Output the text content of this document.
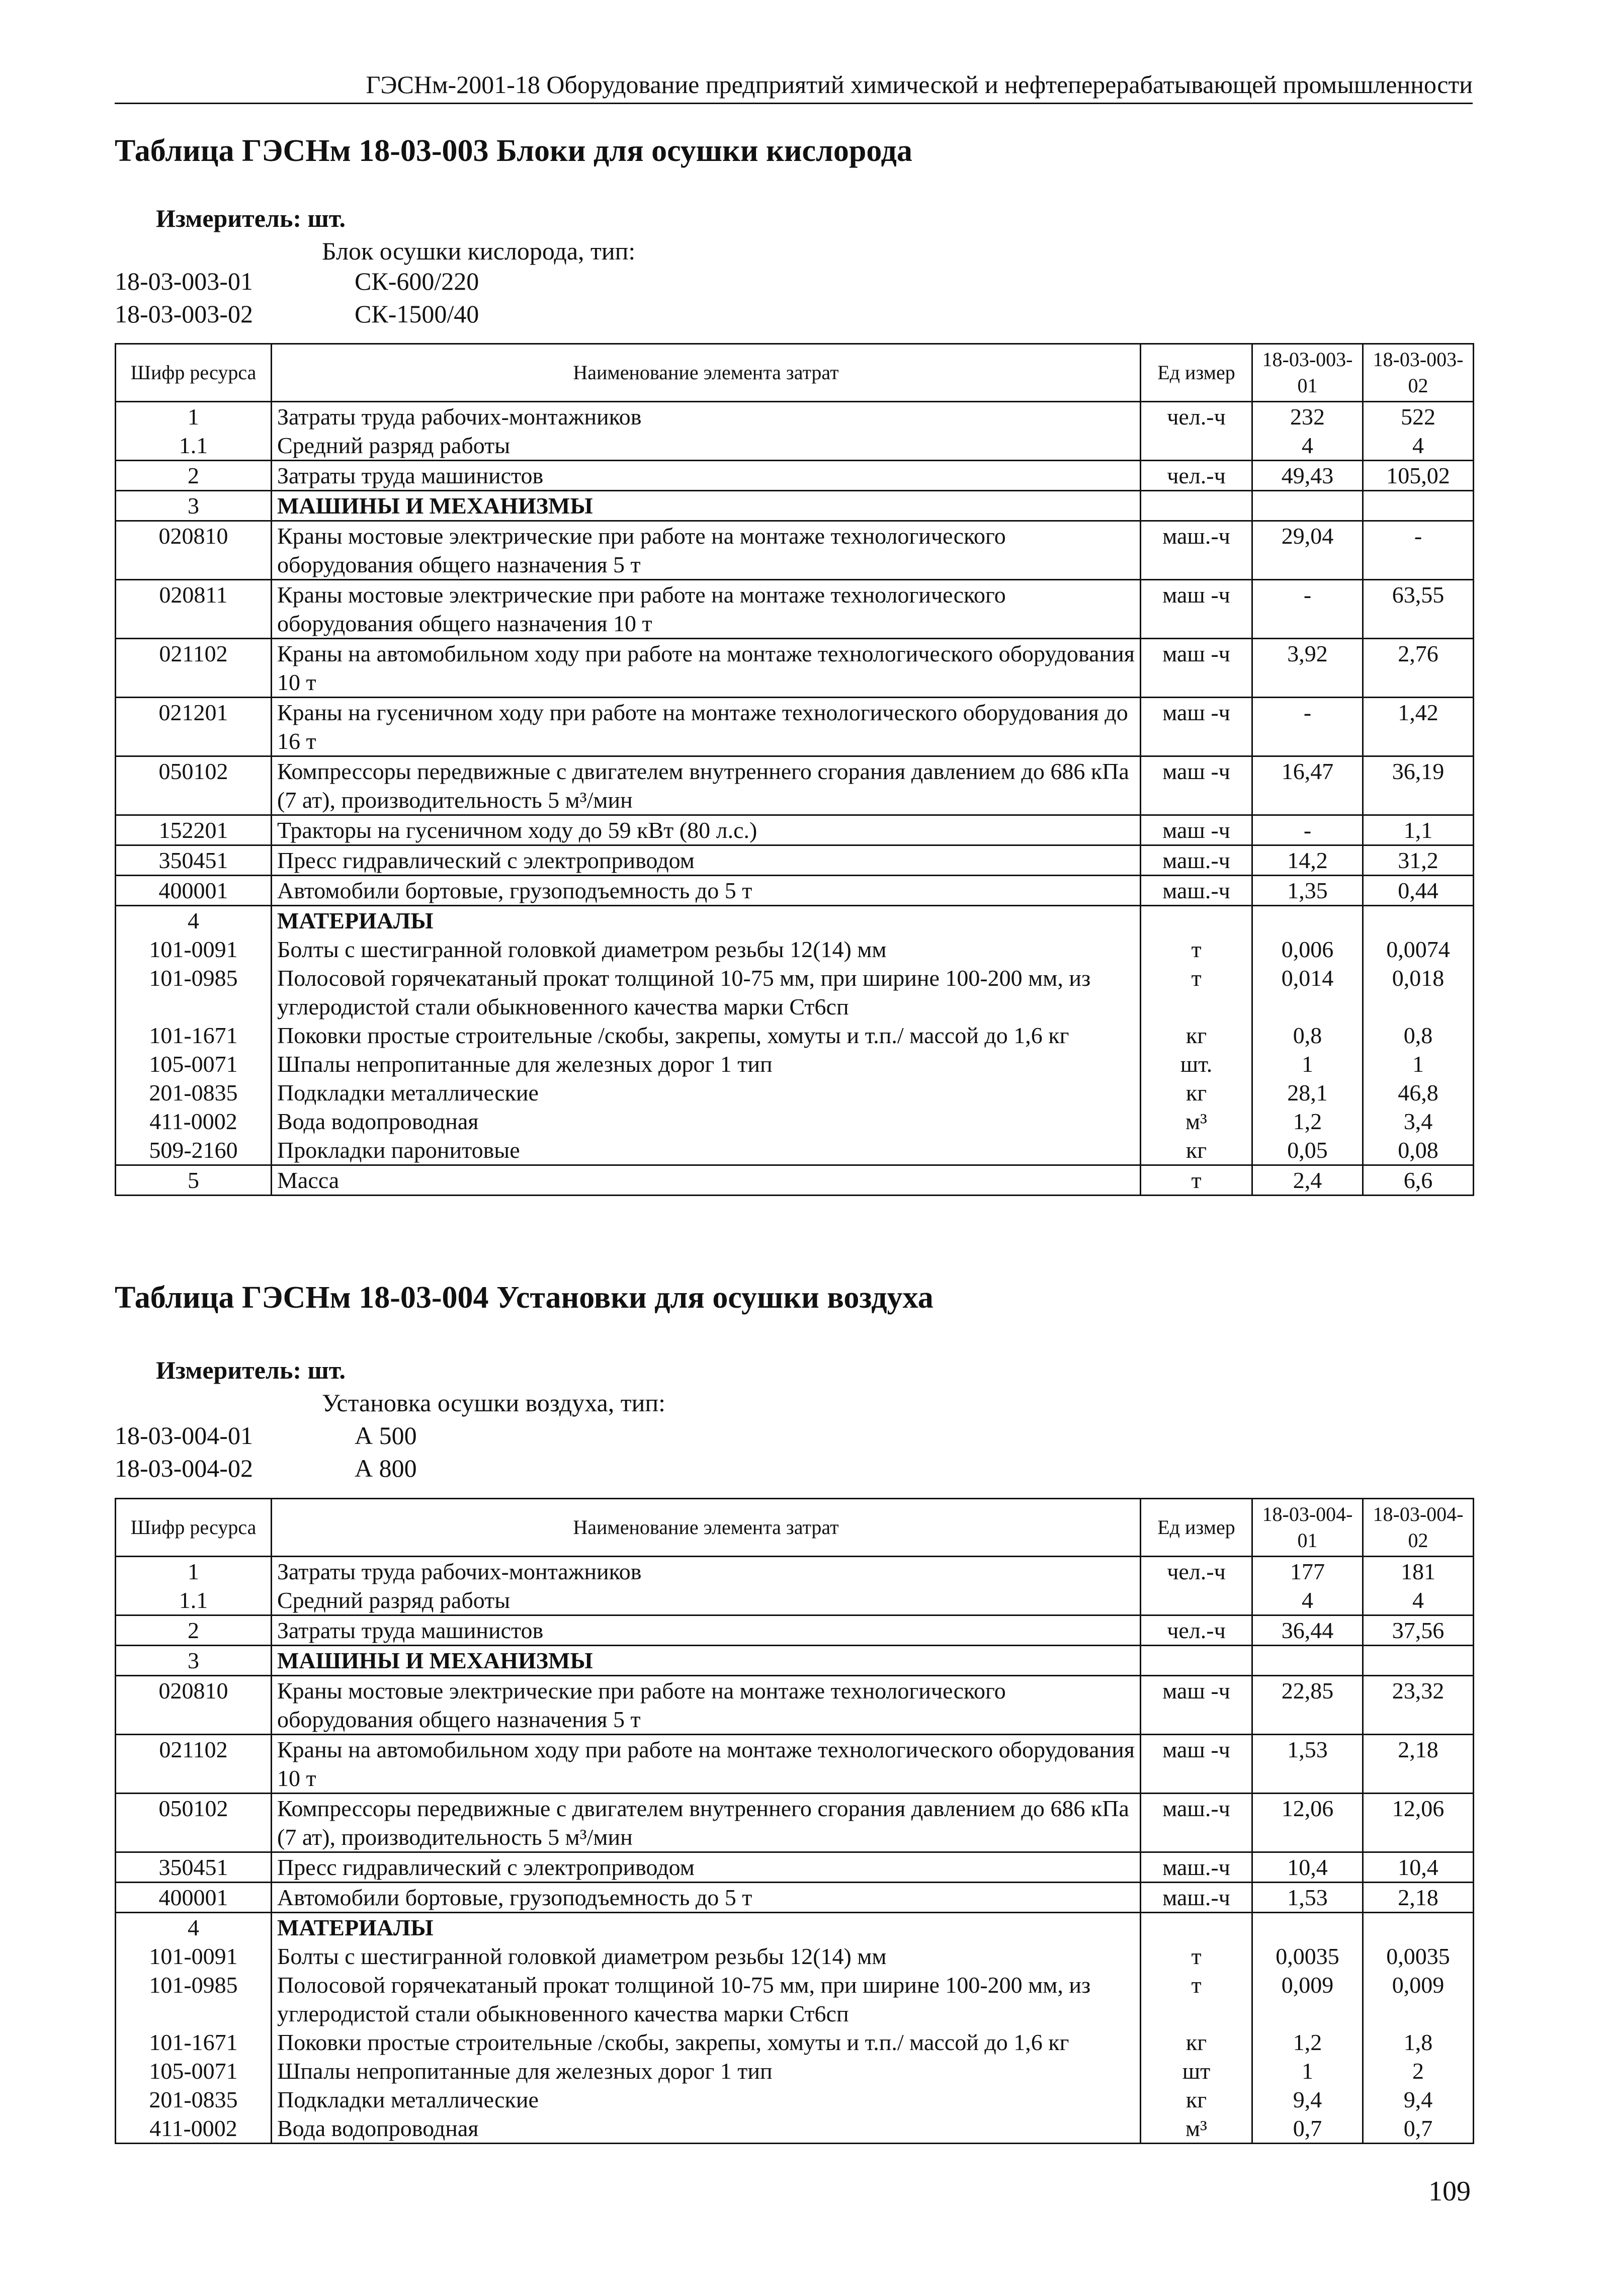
ГЭСНм-2001-18 Оборудование предприятий химической и нефтеперерабатывающей промышленности
Таблица ГЭСНм 18-03-003 Блоки для осушки кислорода
Измеритель: шт.
Блок осушки кислорода, тип:
18-03-003-01	СК-600/220
18-03-003-02	СК-1500/40
Шифр ресурса	Наименование элемента затрат	Ед измер	18-03-003-01	18-03-003-02
1	Затраты труда рабочих-монтажников	чел.-ч	232	522
1.1	Средний разряд работы		4	4
2	Затраты труда машинистов	чел.-ч	49,43	105,02
3	МАШИНЫ И МЕХАНИЗМЫ			
020810	Краны мостовые электрические при работе на монтаже технологического оборудования общего назначения 5 т	маш.-ч	29,04	-
020811	Краны мостовые электрические при работе на монтаже технологического оборудования общего назначения 10 т	маш -ч	-	63,55
021102	Краны на автомобильном ходу при работе на монтаже технологического оборудования 10 т	маш -ч	3,92	2,76
021201	Краны на гусеничном ходу при работе на монтаже технологического оборудования до 16 т	маш -ч	-	1,42
050102	Компрессоры передвижные с двигателем внутреннего сгорания давлением до 686 кПа (7 ат), производительность 5 м³/мин	маш -ч	16,47	36,19
152201	Тракторы на гусеничном ходу до 59 кВт (80 л.с.)	маш -ч	-	1,1
350451	Пресс гидравлический с электроприводом	маш.-ч	14,2	31,2
400001	Автомобили бортовые, грузоподъемность до 5 т	маш.-ч	1,35	0,44
4	МАТЕРИАЛЫ			
101-0091	Болты с шестигранной головкой диаметром резьбы 12(14) мм	т	0,006	0,0074
101-0985	Полосовой горячекатаный прокат толщиной 10-75 мм, при ширине 100-200 мм, из углеродистой стали обыкновенного качества марки Ст6сп	т	0,014	0,018
101-1671	Поковки простые строительные /скобы, закрепы, хомуты и т.п./ массой до 1,6 кг	кг	0,8	0,8
105-0071	Шпалы непропитанные для железных дорог 1 тип	шт.	1	1
201-0835	Подкладки металлические	кг	28,1	46,8
411-0002	Вода водопроводная	м³	1,2	3,4
509-2160	Прокладки паронитовые	кг	0,05	0,08
5	Масса	т	2,4	6,6
Таблица ГЭСНм 18-03-004 Установки для осушки воздуха
Измеритель: шт.
Установка осушки воздуха, тип:
18-03-004-01	А 500
18-03-004-02	А 800
Шифр ресурса	Наименование элемента затрат	Ед измер	18-03-004-01	18-03-004-02
1	Затраты труда рабочих-монтажников	чел.-ч	177	181
1.1	Средний разряд работы		4	4
2	Затраты труда машинистов	чел.-ч	36,44	37,56
3	МАШИНЫ И МЕХАНИЗМЫ			
020810	Краны мостовые электрические при работе на монтаже технологического оборудования общего назначения 5 т	маш -ч	22,85	23,32
021102	Краны на автомобильном ходу при работе на монтаже технологического оборудования 10 т	маш -ч	1,53	2,18
050102	Компрессоры передвижные с двигателем внутреннего сгорания давлением до 686 кПа (7 ат), производительность 5 м³/мин	маш.-ч	12,06	12,06
350451	Пресс гидравлический с электроприводом	маш.-ч	10,4	10,4
400001	Автомобили бортовые, грузоподъемность до 5 т	маш.-ч	1,53	2,18
4	МАТЕРИАЛЫ			
101-0091	Болты с шестигранной головкой диаметром резьбы 12(14) мм	т	0,0035	0,0035
101-0985	Полосовой горячекатаный прокат толщиной 10-75 мм, при ширине 100-200 мм, из углеродистой стали обыкновенного качества марки Ст6сп	т	0,009	0,009
101-1671	Поковки простые строительные /скобы, закрепы, хомуты и т.п./ массой до 1,6 кг	кг	1,2	1,8
105-0071	Шпалы непропитанные для железных дорог 1 тип	шт	1	2
201-0835	Подкладки металлические	кг	9,4	9,4
411-0002	Вода водопроводная	м³	0,7	0,7
109
